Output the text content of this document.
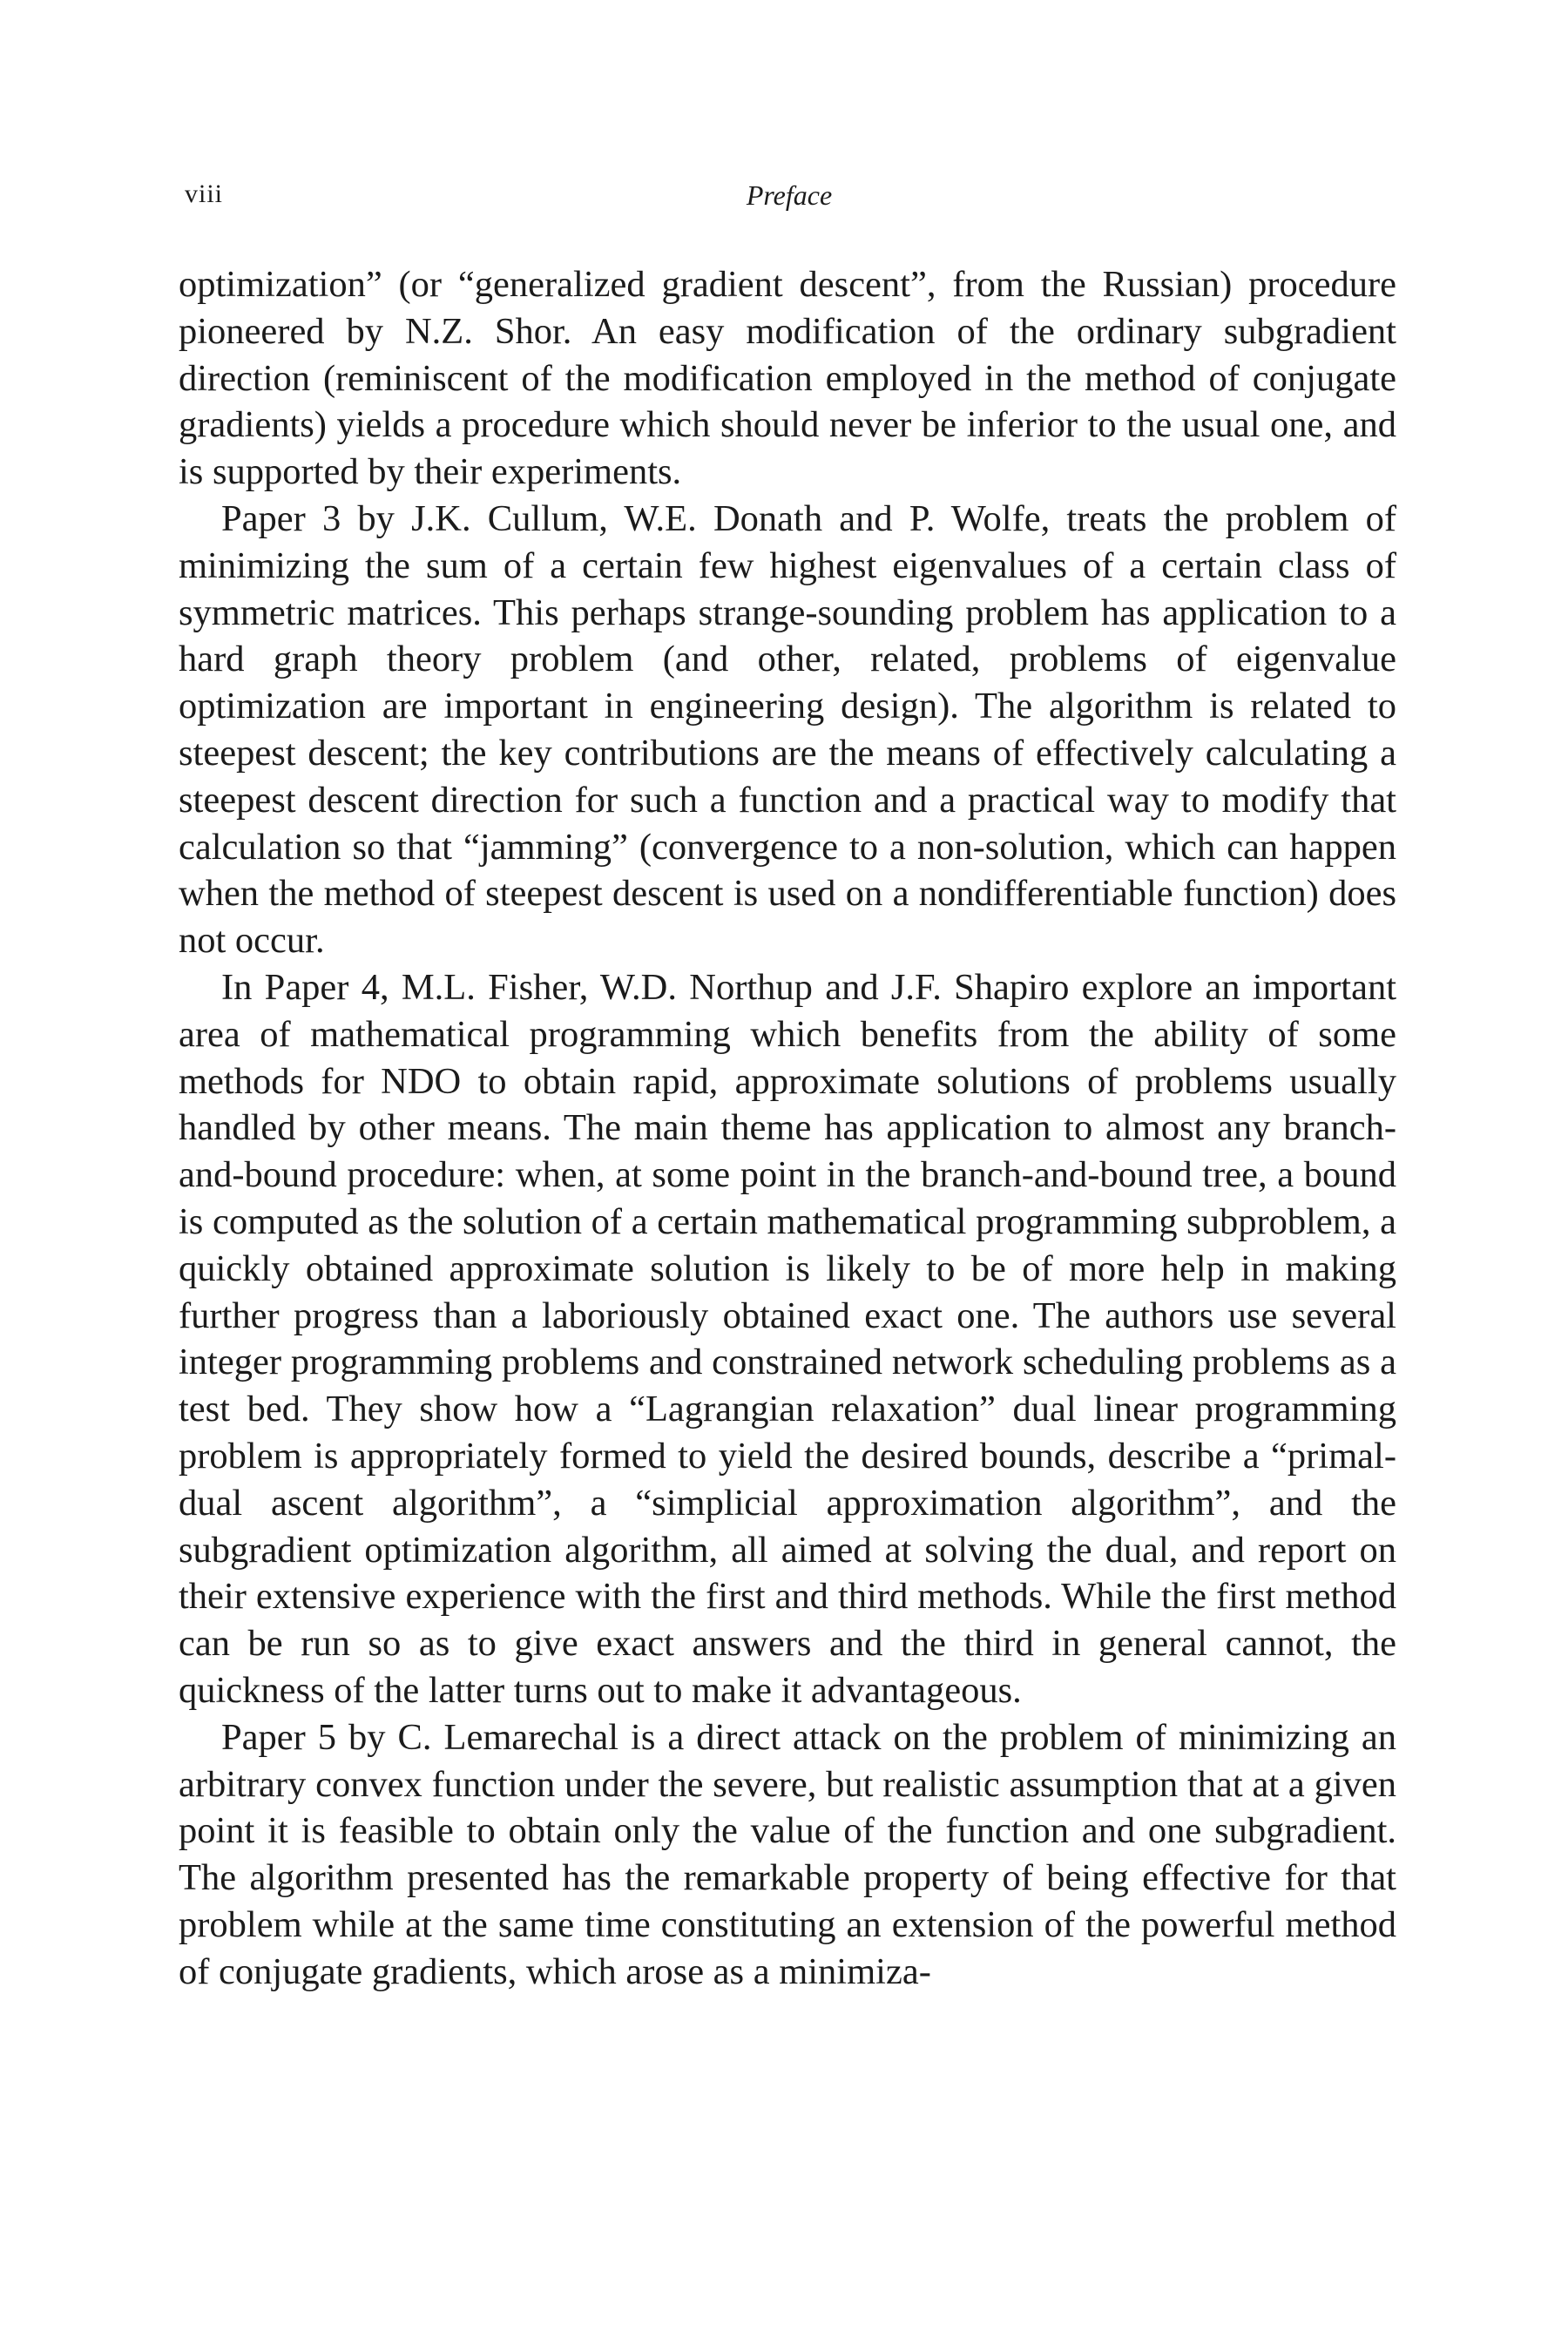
viii	Preface

optimization” (or “generalized gradient descent”, from the Russian) procedure pioneered by N.Z. Shor. An easy modification of the ordinary subgradient direction (reminiscent of the modification employed in the method of conjugate gradients) yields a procedure which should never be inferior to the usual one, and is supported by their experiments.

Paper 3 by J.K. Cullum, W.E. Donath and P. Wolfe, treats the problem of minimizing the sum of a certain few highest eigenvalues of a certain class of symmetric matrices. This perhaps strange-sounding problem has application to a hard graph theory problem (and other, related, problems of eigenvalue optimization are important in engineering design). The algorithm is related to steepest descent; the key contributions are the means of effectively calculating a steepest descent direction for such a function and a practical way to modify that calculation so that “jamming” (convergence to a non-solution, which can happen when the method of steepest descent is used on a nondifferentiable function) does not occur.

In Paper 4, M.L. Fisher, W.D. Northup and J.F. Shapiro explore an important area of mathematical programming which benefits from the ability of some methods for NDO to obtain rapid, approximate solutions of problems usually handled by other means. The main theme has application to almost any branch-and-bound procedure: when, at some point in the branch-and-bound tree, a bound is computed as the solution of a certain mathematical programming subproblem, a quickly obtained approximate solution is likely to be of more help in making further progress than a laboriously obtained exact one. The authors use several integer programming problems and constrained network scheduling problems as a test bed. They show how a “Lagrangian relaxation” dual linear programming problem is appropriately formed to yield the desired bounds, describe a “primal-dual ascent algorithm”, a “simplicial approximation algorithm”, and the subgradient optimization algorithm, all aimed at solving the dual, and report on their extensive experience with the first and third methods. While the first method can be run so as to give exact answers and the third in general cannot, the quickness of the latter turns out to make it advantageous.

Paper 5 by C. Lemarechal is a direct attack on the problem of minimizing an arbitrary convex function under the severe, but realistic assumption that at a given point it is feasible to obtain only the value of the function and one subgradient. The algorithm presented has the remarkable property of being effective for that problem while at the same time constituting an extension of the powerful method of conjugate gradients, which arose as a minimiza-
